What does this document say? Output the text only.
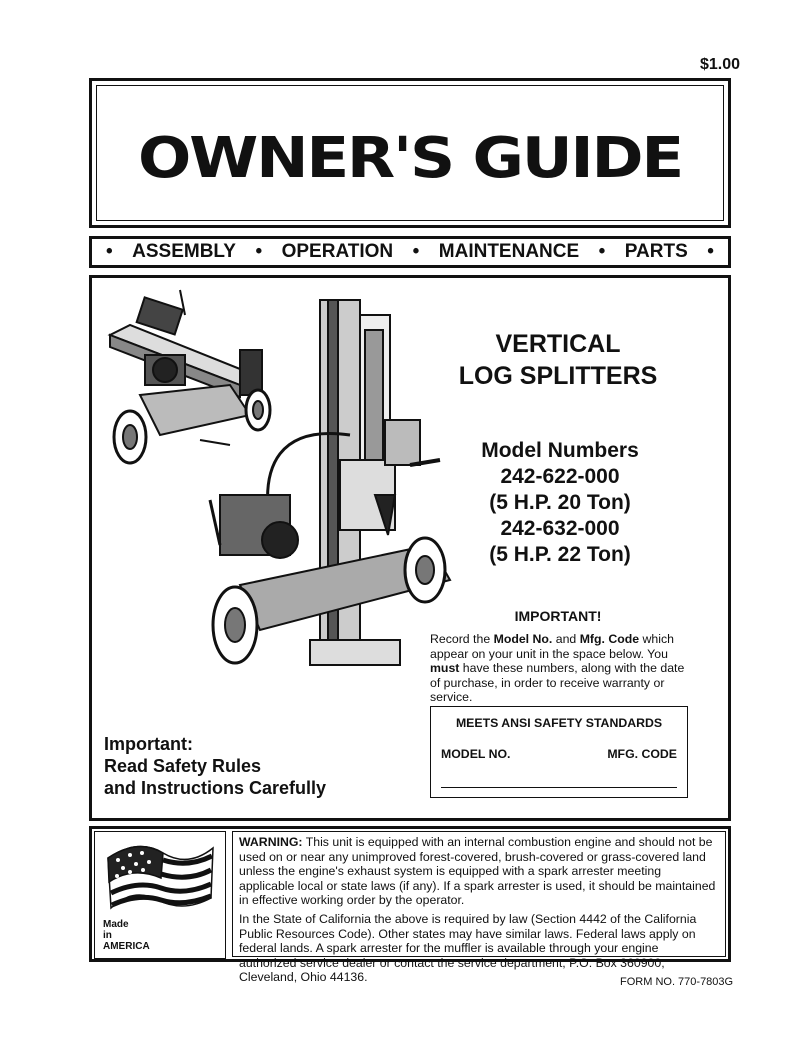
$1.00
OWNER'S GUIDE
• ASSEMBLY • OPERATION • MAINTENANCE • PARTS •
VERTICAL
LOG SPLITTERS
Model Numbers
242-622-000
(5 H.P. 20 Ton)
242-632-000
(5 H.P. 22 Ton)
IMPORTANT!
Record the Model No. and Mfg. Code which appear on your unit in the space below. You must have these numbers, along with the date of purchase, in order to receive warranty or service.
MEETS ANSI SAFETY STANDARDS
MODEL NO.	MFG. CODE
Important:
Read Safety Rules
and Instructions Carefully
Made
in
AMERICA

WARNING: This unit is equipped with an internal combustion engine and should not be used on or near any unimproved forest-covered, brush-covered or grass-covered land unless the engine's exhaust system is equipped with a spark arrester meeting applicable local or state laws (if any). If a spark arrester is used, it should be maintained in effective working order by the operator.

In the State of California the above is required by law (Section 4442 of the California Public Resources Code). Other states may have similar laws. Federal laws apply on federal lands. A spark arrester for the muffler is available through your engine authorized service dealer or contact the service department, P.O. Box 360900, Cleveland, Ohio 44136.	FORM NO. 770-7803G
